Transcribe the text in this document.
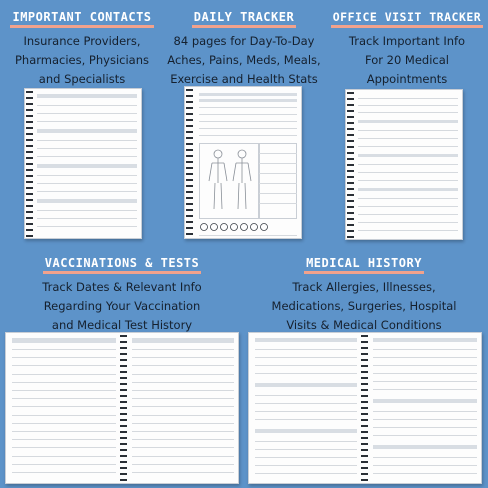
IMPORTANT CONTACTS
Insurance Providers,
Pharmacies, Physicians
and Specialists
DAILY TRACKER
84 pages for Day-To-Day
Aches, Pains, Meds, Meals,
Exercise and Health Stats
OFFICE VISIT TRACKER
Track Important Info
For 20 Medical
Appointments
VACCINATIONS & TESTS
Track Dates & Relevant Info
Regarding Your Vaccination
and Medical Test History
MEDICAL HISTORY
Track Allergies, Illnesses,
Medications, Surgeries, Hospital
Visits & Medical Conditions
